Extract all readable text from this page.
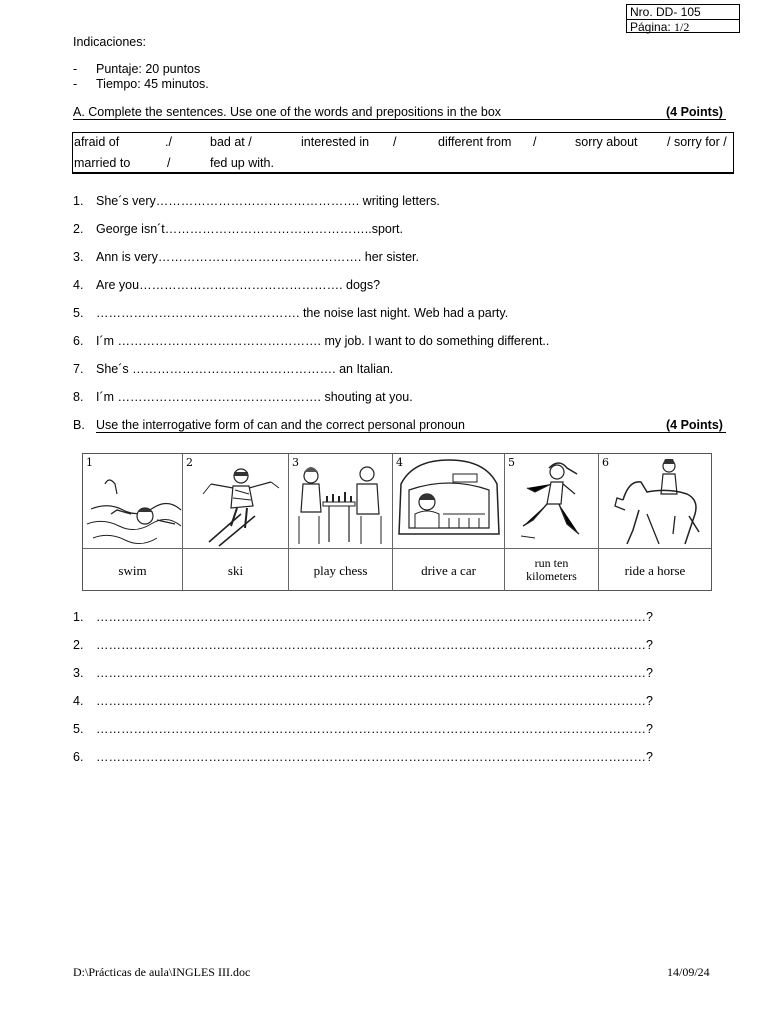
Nro. DD- 105
Página: 1/2
Indicaciones:
- Puntaje: 20 puntos
- Tiempo: 45 minutos.
A. Complete the sentences. Use one of the words and prepositions in the box	(4 Points)
afraid of	./	bad at /	interested in /	different from /	sorry about / sorry for /
married to	/	fed up with.
1. She´s very…………………………………………. writing letters.
2. George isn´t…………………………………………..sport.
3. Ann is very…………………………………………. her sister.
4. Are you…………………………………………. dogs?
5. …………………………………………. the noise last night. Web had a party.
6. I´m …………………………………………. my job. I want to do something different..
7. She´s …………………………………………. an Italian.
8. I´m …………………………………………. shouting at you.
B. Use the interrogative form of can and the correct personal pronoun	(4 Points)
1	2	3	4	5	6
swim	ski	play chess	drive a car	run ten
kilometers	ride a horse
1. ……………………………………………………………………………………………………………………?
2. ……………………………………………………………………………………………………………………?
3. ……………………………………………………………………………………………………………………?
4. ……………………………………………………………………………………………………………………?
5. ……………………………………………………………………………………………………………………?
6. ……………………………………………………………………………………………………………………?
D:\Prácticas de aula\INGLES III.doc	14/09/24
